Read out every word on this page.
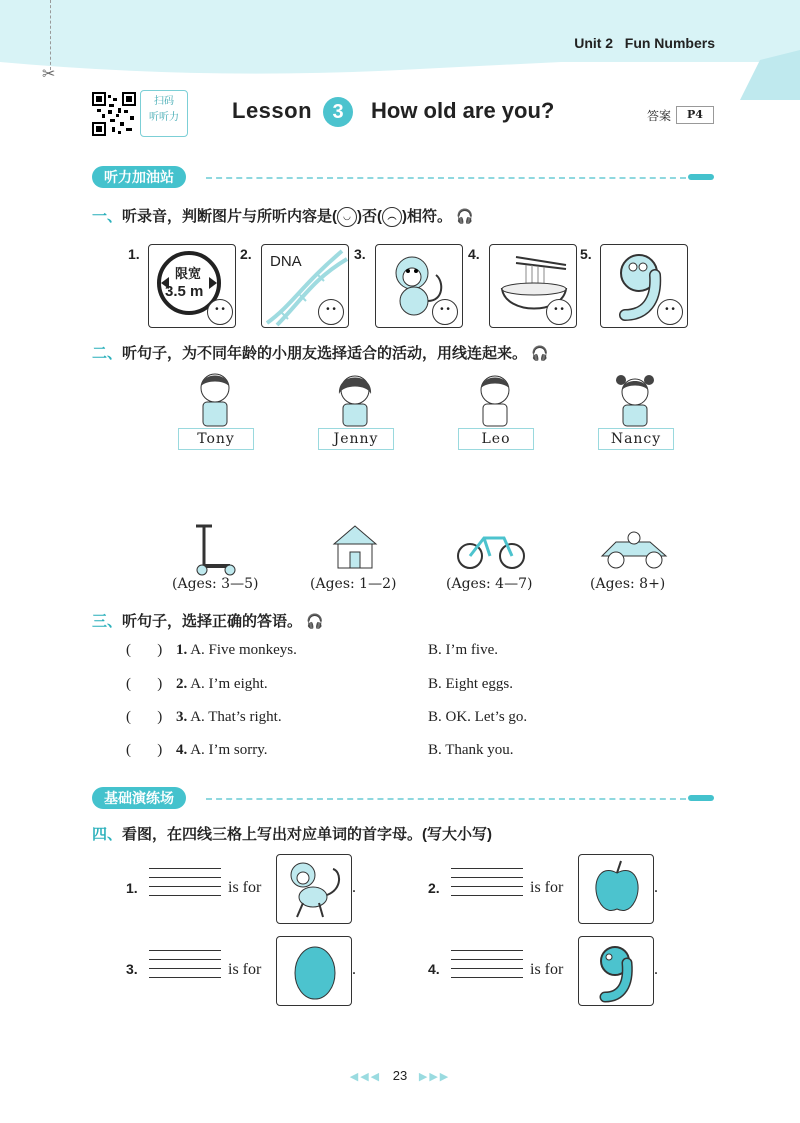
✂
Unit 2   Fun Numbers
扫码
听听力	Lesson	3	How old are you?	答案	P4
听力加油站
一、听录音，判断图片与所听内容是( ◡ )否( ︵ )相符。 🎧
1.
限宽
3.5 m
• •
2. DNA
• •
3.
• •
4.
• •
5.
• •
二、听句子，为不同年龄的小朋友选择适合的活动，用线连起来。 🎧
Tony	Jenny	Leo	Nancy
(Ages: 3—5)	(Ages: 1—2)	(Ages: 4—7)	(Ages: 8+)
三、听句子，选择正确的答语。 🎧
(       ) 1. A. Five monkeys.	B. I’m five.
(       ) 2. A. I’m eight.	B. Eight eggs.
(       ) 3. A. That’s right.	B. OK. Let’s go.
(       ) 4. A. I’m sorry.	B. Thank you.
基础演练场
四、看图，在四线三格上写出对应单词的首字母。(写大小写)
1.	is for	.	2.	is for	.
3.	is for	.	4.	is for	.
◀◀◀ 23 ▶▶▶
